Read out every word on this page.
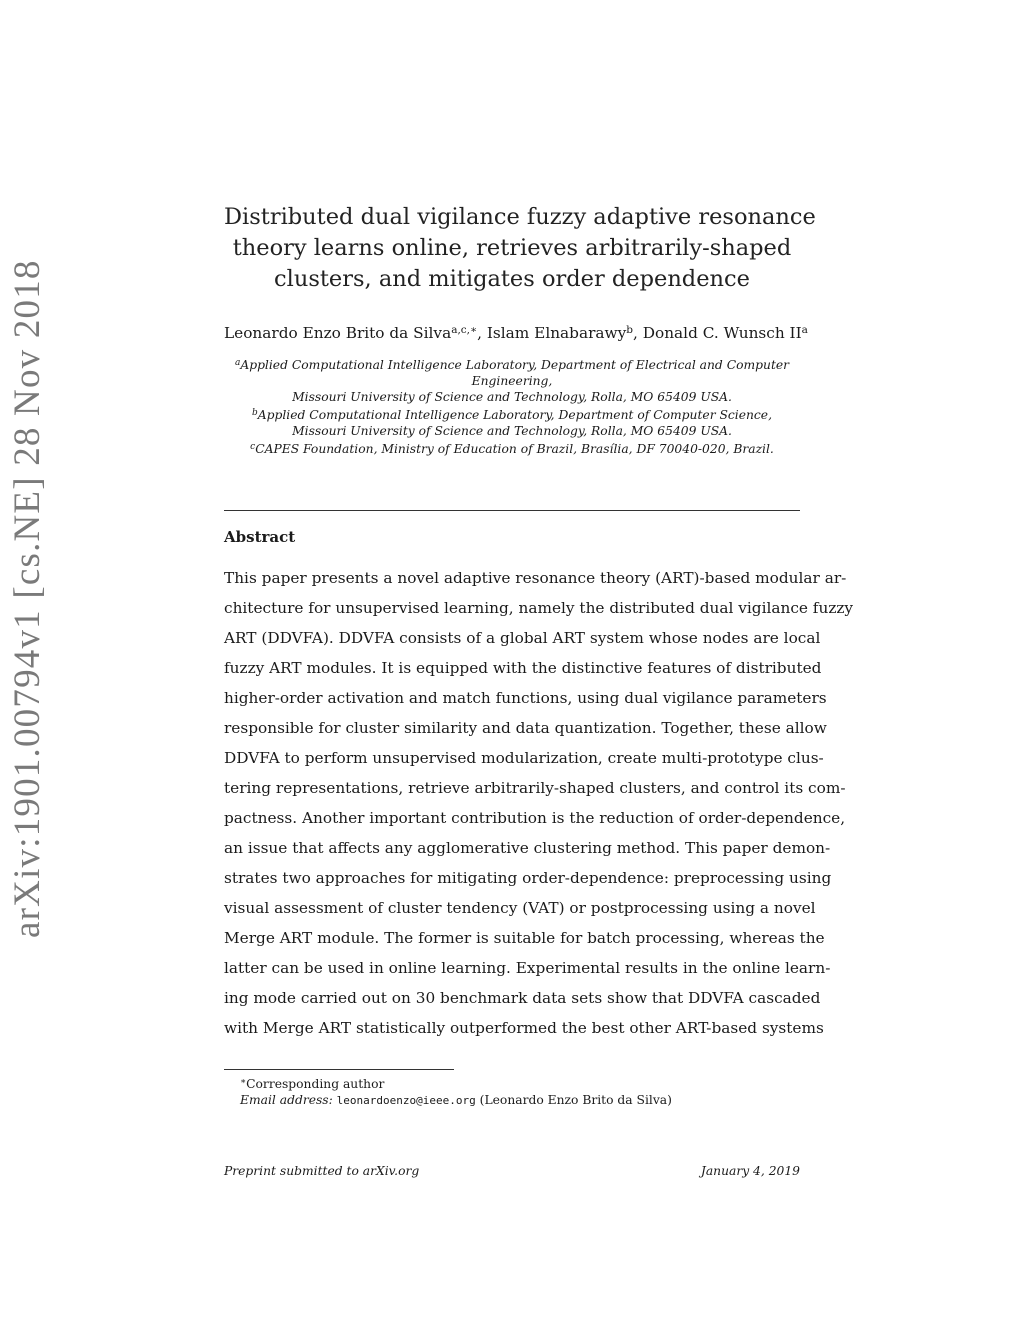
arXiv:1901.00794v1 [cs.NE] 28 Nov 2018
Distributed dual vigilance fuzzy adaptive resonance
theory learns online, retrieves arbitrarily-shaped
clusters, and mitigates order dependence
Leonardo Enzo Brito da Silva$^{a,c,∗}$, Islam Elnabarawy$^b$, Donald C. Wunsch $II^a$
$^a$Applied Computational Intelligence Laboratory, Department of Electrical and Computer
Engineering,
Missouri University of Science and Technology, Rolla, MO 65409 USA.
$^b$Applied Computational Intelligence Laboratory, Department of Computer Science,
Missouri University of Science and Technology, Rolla, MO 65409 USA.
$^c$CAPES Foundation, Ministry of Education of Brazil, Brasília, DF 70040-020, Brazil.
Abstract
This paper presents a novel adaptive resonance theory (ART)-based modular ar-
chitecture for unsupervised learning, namely the distributed dual vigilance fuzzy
ART (DDVFA). DDVFA consists of a global ART system whose nodes are local
fuzzy ART modules. It is equipped with the distinctive features of distributed
higher-order activation and match functions, using dual vigilance parameters
responsible for cluster similarity and data quantization. Together, these allow
DDVFA to perform unsupervised modularization, create multi-prototype clus-
tering representations, retrieve arbitrarily-shaped clusters, and control its com-
pactness. Another important contribution is the reduction of order-dependence,
an issue that affects any agglomerative clustering method. This paper demon-
strates two approaches for mitigating order-dependence: preprocessing using
visual assessment of cluster tendency (VAT) or postprocessing using a novel
Merge ART module. The former is suitable for batch processing, whereas the
latter can be used in online learning. Experimental results in the online learn-
ing mode carried out on 30 benchmark data sets show that DDVFA cascaded
with Merge ART statistically outperformed the best other ART-based systems
∗Corresponding author
Email address: leonardoenzo@ieee.org (Leonardo Enzo Brito da Silva)
Preprint submitted to arXiv.org	January 4, 2019
